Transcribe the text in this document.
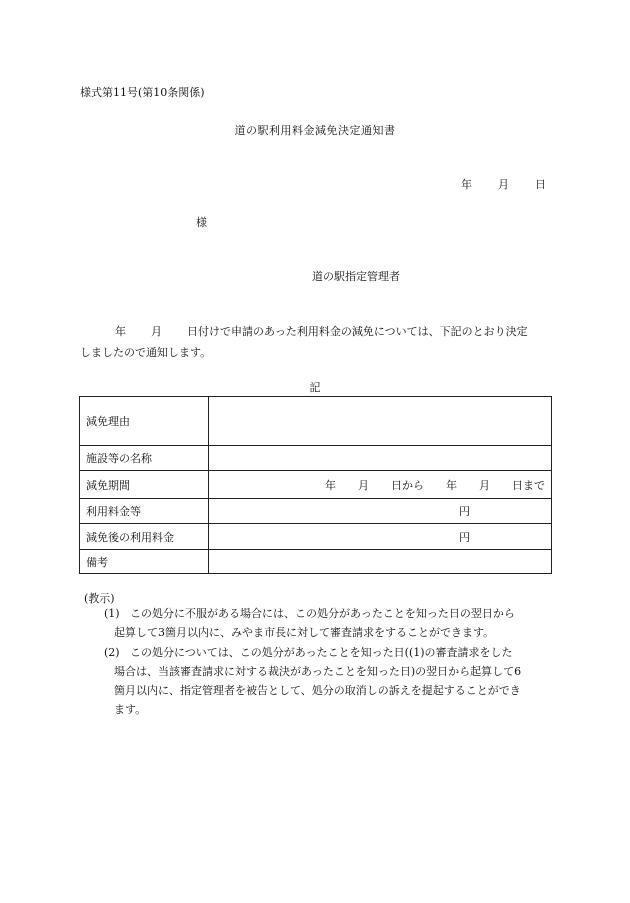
様式第11号(第10条関係)
道の駅利用料金減免決定通知書
年 月 日
様
道の駅指定管理者
年 月 日付けで申請のあった利用料金の減免については、下記のとおり決定
しましたので通知します。
記
減免理由	
施設等の名称	
減免期間	年 月 日から 年 月 日まで
利用料金等	円
減免後の利用料金	円
備考	
(教示)
(1) この処分に不服がある場合には、この処分があったことを知った日の翌日から
起算して3箇月以内に、みやま市長に対して審査請求をすることができます。
(2) この処分については、この処分があったことを知った日((1)の審査請求をした
場合は、当該審査請求に対する裁決があったことを知った日)の翌日から起算して6
箇月以内に、指定管理者を被告として、処分の取消しの訴えを提起することができ
ます。
